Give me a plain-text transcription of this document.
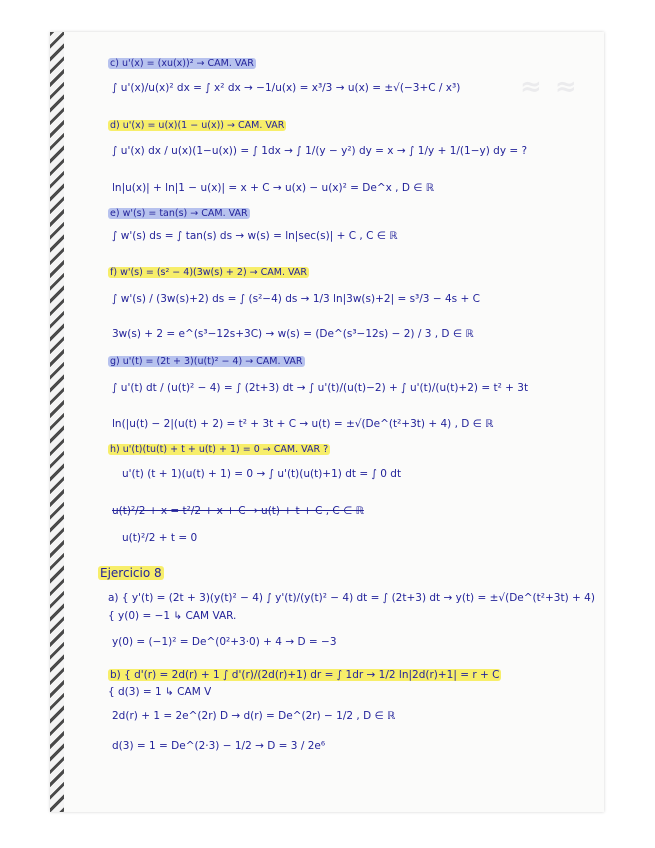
≈ ≈
c) u'(x) = (xu(x))² → CAM. VAR
∫ u'(x)/u(x)² dx = ∫ x² dx → −1/u(x) = x³/3 → u(x) = ±√(−3+C / x³)
d) u'(x) = u(x)(1 − u(x)) → CAM. VAR
∫ u'(x) dx / u(x)(1−u(x)) = ∫ 1dx → ∫ 1/(y − y²) dy = x → ∫ 1/y + 1/(1−y) dy = ?
ln|u(x)| + ln|1 − u(x)| = x + C → u(x) − u(x)² = De^x , D ∈ ℝ
e) w'(s) = tan(s) → CAM. VAR
∫ w'(s) ds = ∫ tan(s) ds → w(s) = ln|sec(s)| + C , C ∈ ℝ
f) w'(s) = (s² − 4)(3w(s) + 2) → CAM. VAR
∫ w'(s) / (3w(s)+2) ds = ∫ (s²−4) ds → 1/3 ln|3w(s)+2| = s³/3 − 4s + C
3w(s) + 2 = e^(s³−12s+3C) → w(s) = (De^(s³−12s) − 2) / 3 , D ∈ ℝ
g) u'(t) = (2t + 3)(u(t)² − 4) → CAM. VAR
∫ u'(t) dt / (u(t)² − 4) = ∫ (2t+3) dt → ∫ u'(t)/(u(t)−2) + ∫ u'(t)/(u(t)+2) = t² + 3t
ln(|u(t) − 2|(u(t) + 2) = t² + 3t + C → u(t) = ±√(De^(t²+3t) + 4) , D ∈ ℝ
h) u'(t)(tu(t) + t + u(t) + 1) = 0 → CAM. VAR ?
u'(t) (t + 1)(u(t) + 1) = 0 → ∫ u'(t)(u(t)+1) dt = ∫ 0 dt
u(t)²/2 + x = t²/2 + x + C → u(t) + t + C , C ∈ ℝ
u(t)²/2 + t = 0
Ejercicio 8
a) { y'(t) = (2t + 3)(y(t)² − 4) ∫ y'(t)/(y(t)² − 4) dt = ∫ (2t+3) dt → y(t) = ±√(De^(t²+3t) + 4)
{ y(0) = −1 ↳ CAM VAR.
y(0) = (−1)² = De^(0²+3·0) + 4 → D = −3
b) { d'(r) = 2d(r) + 1 ∫ d'(r)/(2d(r)+1) dr = ∫ 1dr → 1/2 ln|2d(r)+1| = r + C
{ d(3) = 1 ↳ CAM V
2d(r) + 1 = 2e^(2r) D → d(r) = De^(2r) − 1/2 , D ∈ ℝ
d(3) = 1 = De^(2·3) − 1/2 → D = 3 / 2e⁶
